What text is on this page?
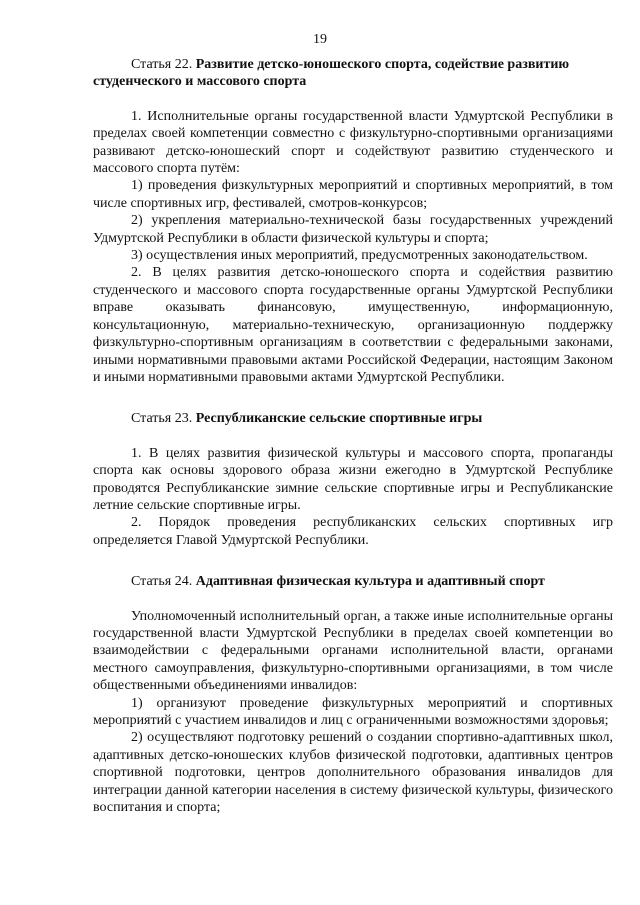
19
Статья 22. Развитие детско-юношеского спорта, содействие развитию студенческого и массового спорта

1. Исполнительные органы государственной власти Удмуртской Республики в пределах своей компетенции совместно с физкультурно-спортивными организациями развивают детско-юношеский спорт и содействуют развитию студенческого и массового спорта путём:

1) проведения физкультурных мероприятий и спортивных мероприятий, в том числе спортивных игр, фестивалей, смотров-конкурсов;

2) укрепления материально-технической базы государственных учреждений Удмуртской Республики в области физической культуры и спорта;

3) осуществления иных мероприятий, предусмотренных законодательством.

2. В целях развития детско-юношеского спорта и содействия развитию студенческого и массового спорта государственные органы Удмуртской Республики вправе оказывать финансовую, имущественную, информационную, консультационную, материально-техническую, организационную поддержку физкультурно-спортивным организациям в соответствии с федеральными законами, иными нормативными правовыми актами Российской Федерации, настоящим Законом и иными нормативными правовыми актами Удмуртской Республики.

Статья 23. Республиканские сельские спортивные игры

1. В целях развития физической культуры и массового спорта, пропаганды спорта как основы здорового образа жизни ежегодно в Удмуртской Республике проводятся Республиканские зимние сельские спортивные игры и Республиканские летние сельские спортивные игры.

2. Порядок проведения республиканских сельских спортивных игр определяется Главой Удмуртской Республики.

Статья 24. Адаптивная физическая культура и адаптивный спорт

Уполномоченный исполнительный орган, а также иные исполнительные органы государственной власти Удмуртской Республики в пределах своей компетенции во взаимодействии с федеральными органами исполнительной власти, органами местного самоуправления, физкультурно-спортивными организациями, в том числе общественными объединениями инвалидов:

1) организуют проведение физкультурных мероприятий и спортивных мероприятий с участием инвалидов и лиц с ограниченными возможностями здоровья;

2) осуществляют подготовку решений о создании спортивно-адаптивных школ, адаптивных детско-юношеских клубов физической подготовки, адаптивных центров спортивной подготовки, центров дополнительного образования инвалидов для интеграции данной категории населения в систему физической культуры, физического воспитания и спорта;
